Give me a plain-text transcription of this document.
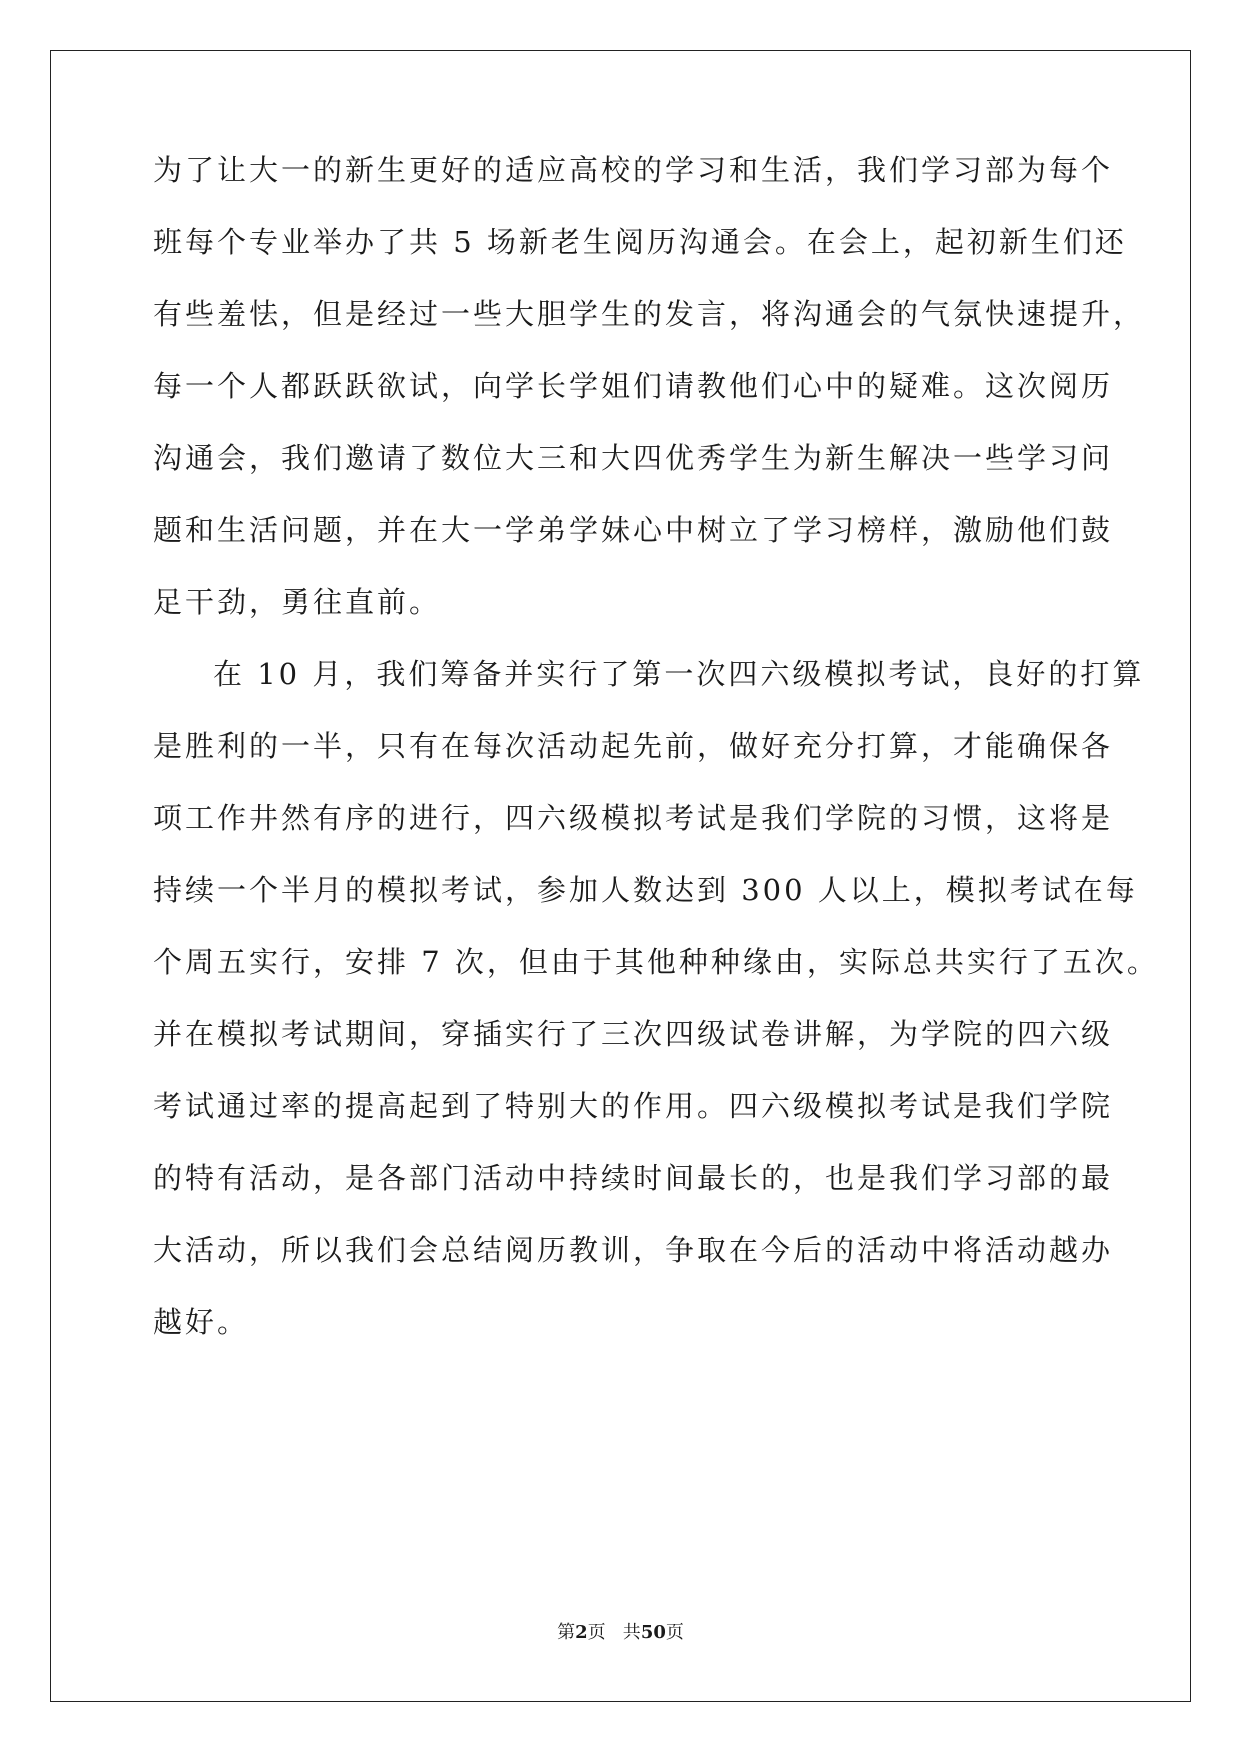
为了让大一的新生更好的适应高校的学习和生活，我们学习部为每个
班每个专业举办了共 5 场新老生阅历沟通会。在会上，起初新生们还
有些羞怯，但是经过一些大胆学生的发言，将沟通会的气氛快速提升，
每一个人都跃跃欲试，向学长学姐们请教他们心中的疑难。这次阅历
沟通会，我们邀请了数位大三和大四优秀学生为新生解决一些学习问
题和生活问题，并在大一学弟学妹心中树立了学习榜样，激励他们鼓
足干劲，勇往直前。
在 10 月，我们筹备并实行了第一次四六级模拟考试，良好的打算
是胜利的一半，只有在每次活动起先前，做好充分打算，才能确保各
项工作井然有序的进行，四六级模拟考试是我们学院的习惯，这将是
持续一个半月的模拟考试，参加人数达到 300 人以上，模拟考试在每
个周五实行，安排 7 次，但由于其他种种缘由，实际总共实行了五次。
并在模拟考试期间，穿插实行了三次四级试卷讲解，为学院的四六级
考试通过率的提高起到了特别大的作用。四六级模拟考试是我们学院
的特有活动，是各部门活动中持续时间最长的，也是我们学习部的最
大活动，所以我们会总结阅历教训，争取在今后的活动中将活动越办
越好。
第2页   共50页
